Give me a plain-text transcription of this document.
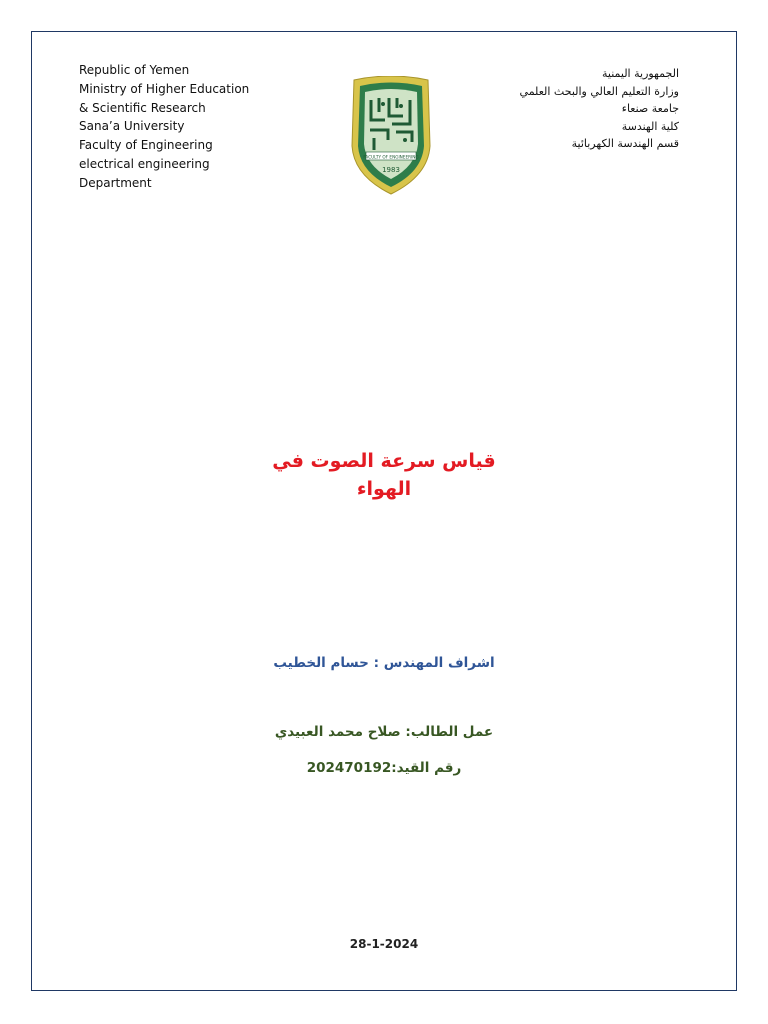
Republic of Yemen
Ministry of Higher Education
& Scientific Research
Sana’a University
Faculty of Engineering
electrical engineering
Department
FACULTY OF ENGINEERING
1983
الجمهورية اليمنية
وزارة التعليم العالي والبحث العلمي
جامعة صنعاء
كلية الهندسة
قسم الهندسة الكهربائية
قياس سرعة الصوت في
الهواء
اشراف المهندس : حسام الخطيب
عمل الطالب: صلاح محمد العبيدي
رقم القيد:202470192
28-1-2024
